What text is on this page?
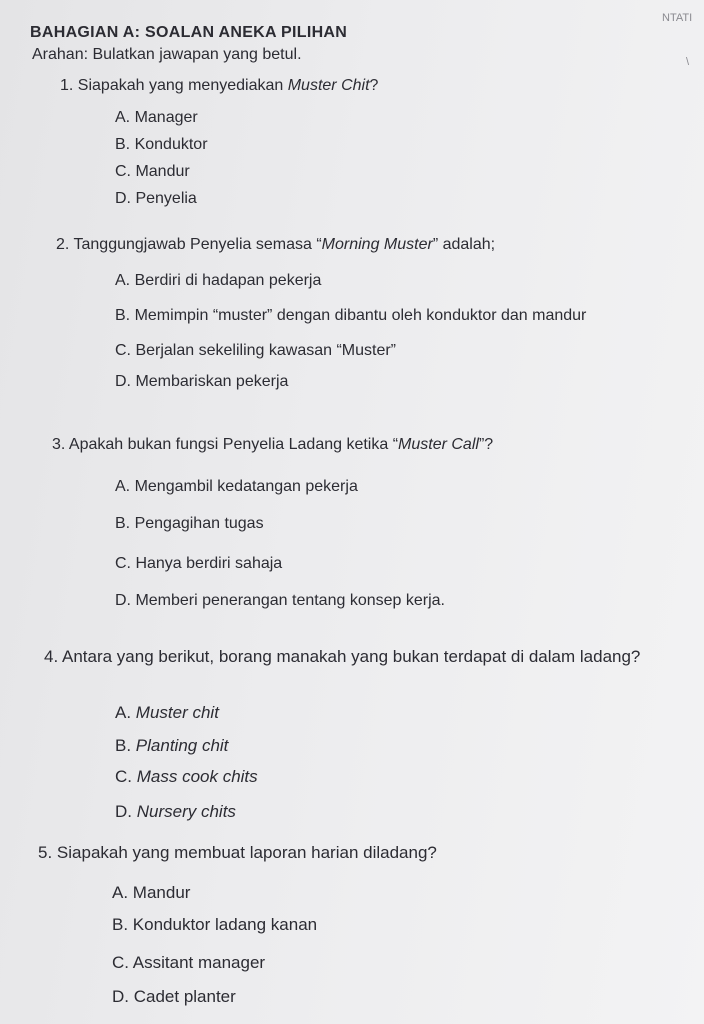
NTATI
\
BAHAGIAN A: SOALAN ANEKA PILIHAN
Arahan: Bulatkan jawapan yang betul.
1. Siapakah yang menyediakan Muster Chit?
A. Manager
B. Konduktor
C. Mandur
D. Penyelia
2. Tanggungjawab Penyelia semasa “Morning Muster” adalah;
A. Berdiri di hadapan pekerja
B. Memimpin “muster” dengan dibantu oleh konduktor dan mandur
C. Berjalan sekeliling kawasan “Muster”
D. Membariskan pekerja
3. Apakah bukan fungsi Penyelia Ladang ketika “Muster Call”?
A. Mengambil kedatangan pekerja
B. Pengagihan tugas
C. Hanya berdiri sahaja
D. Memberi penerangan tentang konsep kerja.
4. Antara yang berikut, borang manakah yang bukan terdapat di dalam ladang?
A. Muster chit
B. Planting chit
C. Mass cook chits
D. Nursery chits
5. Siapakah yang membuat laporan harian diladang?
A. Mandur
B. Konduktor ladang kanan
C. Assitant manager
D. Cadet planter
